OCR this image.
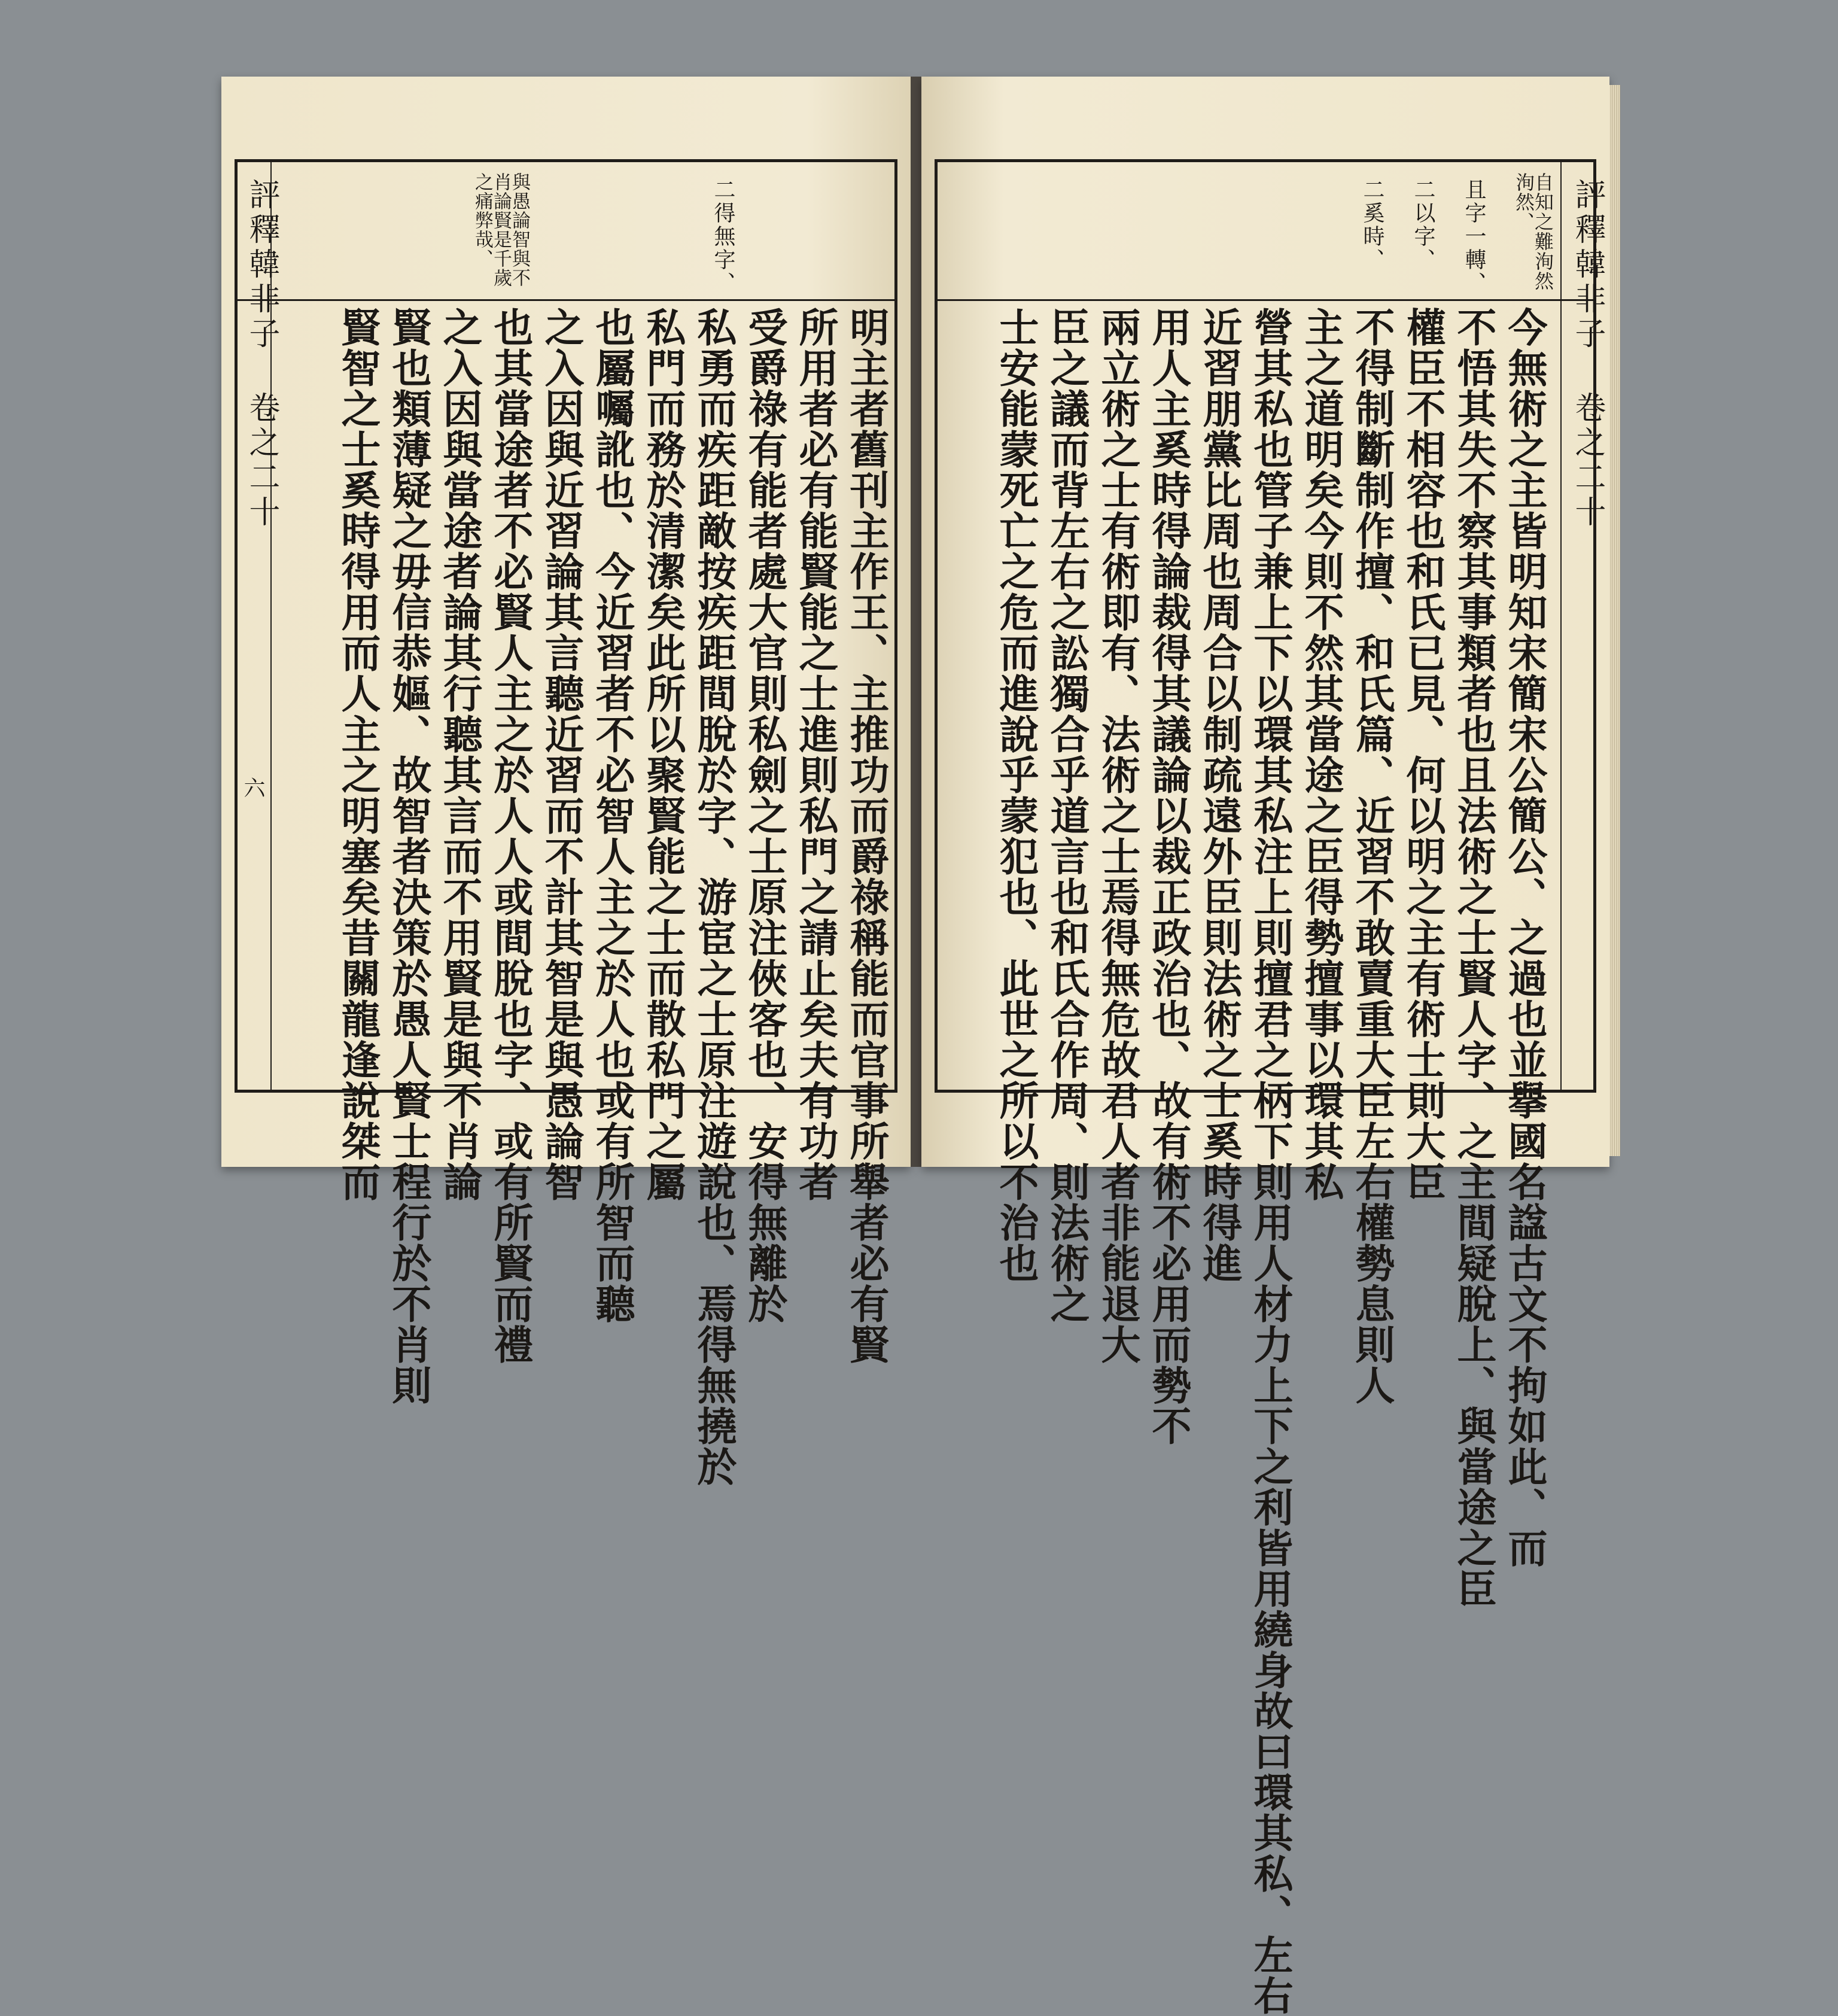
評釋韓非子 卷之二十
六
二得無字、
與愚論智與不肖論賢是千歲之痛弊哉、
明主者舊刊主作王、主推功而爵祿稱能而官事所舉者必有賢
所用者必有能賢能之士進則私門之請止矣夫有功者
受爵祿有能者處大官則私劍之士原注俠客也、安得無離於
私勇而疾距敵按疾距間脫於字、游宦之士原注遊說也、焉得無撓於
私門而務於清潔矣此所以聚賢能之士而散私門之屬
也屬囑訛也、今近習者不必智人主之於人也或有所智而聽
之入因與近習論其言聽近習而不計其智是與愚論智
也其當途者不必賢人主之於人人或間脫也字、或有所賢而禮
之入因與當途者論其行聽其言而不用賢是與不肖論
賢也類薄疑之毋信恭嫗、故智者決策於愚人賢士程行於不肖則
賢智之士奚時得用而人主之明塞矣昔關龍逢說桀而	評釋韓非子 卷之二十
自知之難洵然洵然、
且字一轉、
二以字、
二奚時、
今無術之主皆明知宋簡宋公簡公、之過也並擧國名諡古文不拘如此、而
不悟其失不察其事類者也且法術之士賢人字、之主間疑脫上、與當途之臣
權臣不相容也和氏已見、何以明之主有術士則大臣
不得制斷制作擅、和氏篇、近習不敢賣重大臣左右權勢息則人
主之道明矣今則不然其當途之臣得勢擅事以環其私
營其私也管子兼上下以環其私注上則擅君之柄下則用人材力上下之利皆用繞身故曰環其私、左右
近習朋黨比周也周合以制疏遠外臣則法術之士奚時得進
用人主奚時得論裁得其議論以裁正政治也、故有術不必用而勢不
兩立術之士有術即有、法術之士焉得無危故君人者非能退大
臣之議而背左右之訟獨合乎道言也和氏合作周、則法術之
士安能蒙死亡之危而進說乎蒙犯也、此世之所以不治也
